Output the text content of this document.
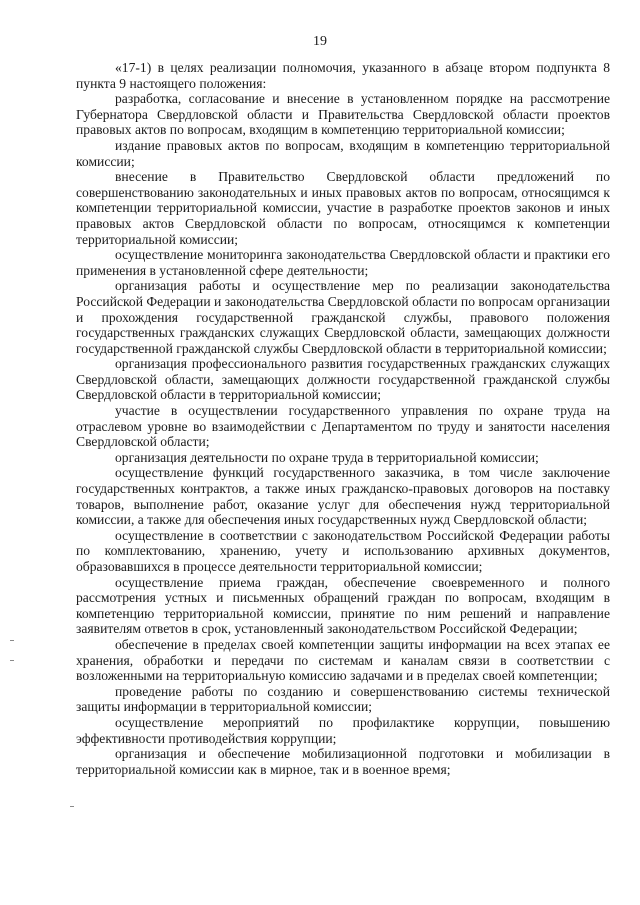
19

«17-1) в целях реализации полномочия, указанного в абзаце втором подпункта 8 пункта 9 настоящего положения:

разработка, согласование и внесение в установленном порядке на рассмотрение Губернатора Свердловской области и Правительства Свердловской области проектов правовых актов по вопросам, входящим в компетенцию территориальной комиссии;

издание правовых актов по вопросам, входящим в компетенцию территориальной комиссии;

внесение в Правительство Свердловской области предложений по совершенствованию законодательных и иных правовых актов по вопросам, относящимся к компетенции территориальной комиссии, участие в разработке проектов законов и иных правовых актов Свердловской области по вопросам, относящимся к компетенции территориальной комиссии;

осуществление мониторинга законодательства Свердловской области и практики его применения в установленной сфере деятельности;

организация работы и осуществление мер по реализации законодательства Российской Федерации и законодательства Свердловской области по вопросам организации и прохождения государственной гражданской службы, правового положения государственных гражданских служащих Свердловской области, замещающих должности государственной гражданской службы Свердловской области в территориальной комиссии;

организация профессионального развития государственных гражданских служащих Свердловской области, замещающих должности государственной гражданской службы Свердловской области в территориальной комиссии;

участие в осуществлении государственного управления по охране труда на отраслевом уровне во взаимодействии с Департаментом по труду и занятости населения Свердловской области;

организация деятельности по охране труда в территориальной комиссии;

осуществление функций государственного заказчика, в том числе заключение государственных контрактов, а также иных гражданско-правовых договоров на поставку товаров, выполнение работ, оказание услуг для обеспечения нужд территориальной комиссии, а также для обеспечения иных государственных нужд Свердловской области;

осуществление в соответствии с законодательством Российской Федерации работы по комплектованию, хранению, учету и использованию архивных документов, образовавшихся в процессе деятельности территориальной комиссии;

осуществление приема граждан, обеспечение своевременного и полного рассмотрения устных и письменных обращений граждан по вопросам, входящим в компетенцию территориальной комиссии, принятие по ним решений и направление заявителям ответов в срок, установленный законодательством Российской Федерации;

обеспечение в пределах своей компетенции защиты информации на всех этапах ее хранения, обработки и передачи по системам и каналам связи в соответствии с возложенными на территориальную комиссию задачами и в пределах своей компетенции;

проведение работы по созданию и совершенствованию системы технической защиты информации в территориальной комиссии;

осуществление мероприятий по профилактике коррупции, повышению эффективности противодействия коррупции;

организация и обеспечение мобилизационной подготовки и мобилизации в территориальной комиссии как в мирное, так и в военное время;
